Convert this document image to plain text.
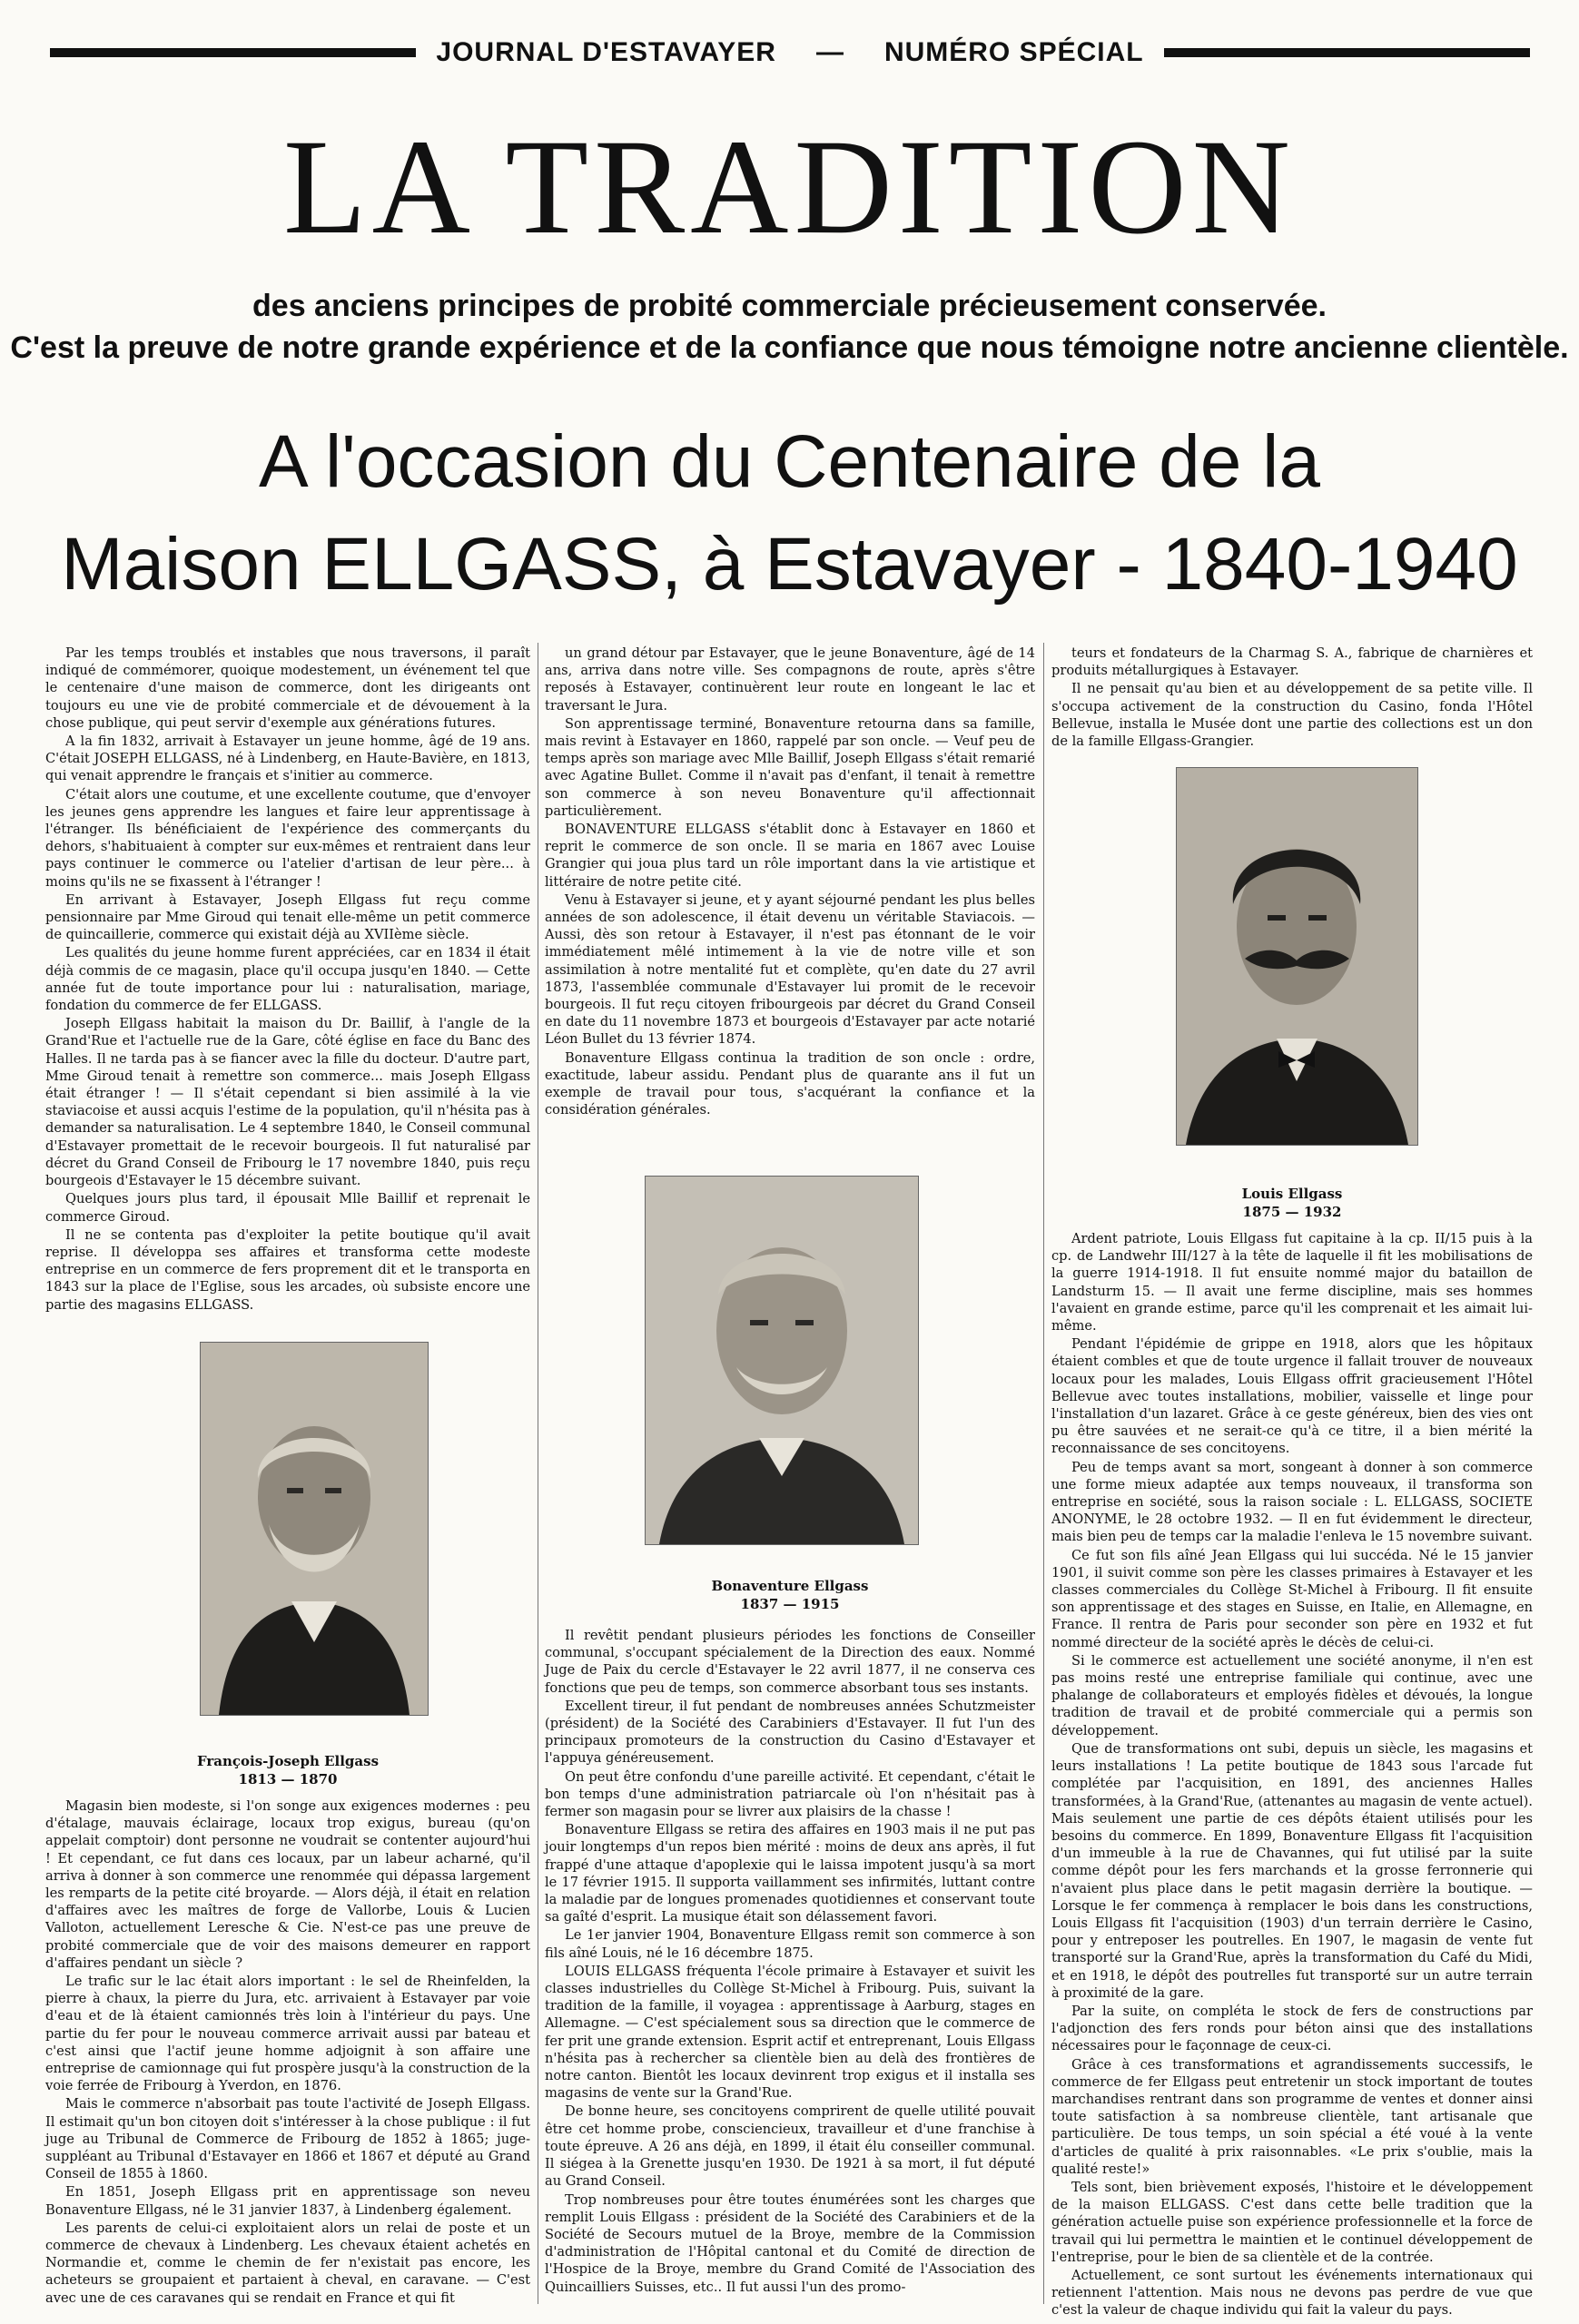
JOURNAL D'ESTAVAYER	—	NUMÉRO SPÉCIAL
LA TRADITION
des anciens principes de probité commerciale précieusement conservée.
C'est la preuve de notre grande expérience et de la confiance que nous témoigne notre ancienne clientèle.
A l'occasion du Centenaire de la
Maison ELLGASS, à Estavayer - 1840-1940

Par les temps troublés et instables que nous traversons, il paraît indiqué de commémorer, quoique modestement, un événement tel que le centenaire d'une maison de commerce, dont les dirigeants ont toujours eu une vie de probité commerciale et de dévouement à la chose publique, qui peut servir d'exemple aux générations futures.

A la fin 1832, arrivait à Estavayer un jeune homme, âgé de 19 ans. C'était JOSEPH ELLGASS, né à Lindenberg, en Haute-Bavière, en 1813, qui venait apprendre le français et s'initier au commerce.

C'était alors une coutume, et une excellente coutume, que d'envoyer les jeunes gens apprendre les langues et faire leur apprentissage à l'étranger. Ils bénéficiaient de l'expérience des commerçants du dehors, s'habituaient à compter sur eux-mêmes et rentraient dans leur pays continuer le commerce ou l'atelier d'artisan de leur père... à moins qu'ils ne se fixassent à l'étranger !

En arrivant à Estavayer, Joseph Ellgass fut reçu comme pensionnaire par Mme Giroud qui tenait elle-même un petit commerce de quincaillerie, commerce qui existait déjà au XVIIème siècle.

Les qualités du jeune homme furent appréciées, car en 1834 il était déjà commis de ce magasin, place qu'il occupa jusqu'en 1840. — Cette année fut de toute importance pour lui : naturalisation, mariage, fondation du commerce de fer ELLGASS.

Joseph Ellgass habitait la maison du Dr. Baillif, à l'angle de la Grand'Rue et l'actuelle rue de la Gare, côté église en face du Banc des Halles. Il ne tarda pas à se fiancer avec la fille du docteur. D'autre part, Mme Giroud tenait à remettre son commerce... mais Joseph Ellgass était étranger ! — Il s'était cependant si bien assimilé à la vie staviacoise et aussi acquis l'estime de la population, qu'il n'hésita pas à demander sa naturalisation. Le 4 septembre 1840, le Conseil communal d'Estavayer promettait de le recevoir bourgeois. Il fut naturalisé par décret du Grand Conseil de Fribourg le 17 novembre 1840, puis reçu bourgeois d'Estavayer le 15 décembre suivant.

Quelques jours plus tard, il épousait Mlle Baillif et reprenait le commerce Giroud.

Il ne se contenta pas d'exploiter la petite boutique qu'il avait reprise. Il développa ses affaires et transforma cette modeste entreprise en un commerce de fers proprement dit et le transporta en 1843 sur la place de l'Eglise, sous les arcades, où subsiste encore une partie des magasins ELLGASS.

François-Joseph Ellgass
1813 — 1870

Magasin bien modeste, si l'on songe aux exigences modernes : peu d'étalage, mauvais éclairage, locaux trop exigus, bureau (qu'on appelait comptoir) dont personne ne voudrait se contenter aujourd'hui ! Et cependant, ce fut dans ces locaux, par un labeur acharné, qu'il arriva à donner à son commerce une renommée qui dépassa largement les remparts de la petite cité broyarde. — Alors déjà, il était en relation d'affaires avec les maîtres de forge de Vallorbe, Louis & Lucien Valloton, actuellement Leresche & Cie. N'est-ce pas une preuve de probité commerciale que de voir des maisons demeurer en rapport d'affaires pendant un siècle ?

Le trafic sur le lac était alors important : le sel de Rheinfelden, la pierre à chaux, la pierre du Jura, etc. arrivaient à Estavayer par voie d'eau et de là étaient camionnés très loin à l'intérieur du pays. Une partie du fer pour le nouveau commerce arrivait aussi par bateau et c'est ainsi que l'actif jeune homme adjoignit à son affaire une entreprise de camionnage qui fut prospère jusqu'à la construction de la voie ferrée de Fribourg à Yverdon, en 1876.

Mais le commerce n'absorbait pas toute l'activité de Joseph Ellgass. Il estimait qu'un bon citoyen doit s'intéresser à la chose publique : il fut juge au Tribunal de Commerce de Fribourg de 1852 à 1865; juge-suppléant au Tribunal d'Estavayer en 1866 et 1867 et député au Grand Conseil de 1855 à 1860.

En 1851, Joseph Ellgass prit en apprentissage son neveu Bonaventure Ellgass, né le 31 janvier 1837, à Lindenberg également.

Les parents de celui-ci exploitaient alors un relai de poste et un commerce de chevaux à Lindenberg. Les chevaux étaient achetés en Normandie et, comme le chemin de fer n'existait pas encore, les acheteurs se groupaient et partaient à cheval, en caravane. — C'est avec une de ces caravanes qui se rendait en France et qui fit

un grand détour par Estavayer, que le jeune Bonaventure, âgé de 14 ans, arriva dans notre ville. Ses compagnons de route, après s'être reposés à Estavayer, continuèrent leur route en longeant le lac et traversant le Jura.

Son apprentissage terminé, Bonaventure retourna dans sa famille, mais revint à Estavayer en 1860, rappelé par son oncle. — Veuf peu de temps après son mariage avec Mlle Baillif, Joseph Ellgass s'était remarié avec Agatine Bullet. Comme il n'avait pas d'enfant, il tenait à remettre son commerce à son neveu Bonaventure qu'il affectionnait particulièrement.

BONAVENTURE ELLGASS s'établit donc à Estavayer en 1860 et reprit le commerce de son oncle. Il se maria en 1867 avec Louise Grangier qui joua plus tard un rôle important dans la vie artistique et littéraire de notre petite cité.

Venu à Estavayer si jeune, et y ayant séjourné pendant les plus belles années de son adolescence, il était devenu un véritable Staviacois. — Aussi, dès son retour à Estavayer, il n'est pas étonnant de le voir immédiatement mêlé intimement à la vie de notre ville et son assimilation à notre mentalité fut et complète, qu'en date du 27 avril 1873, l'assemblée communale d'Estavayer lui promit de le recevoir bourgeois. Il fut reçu citoyen fribourgeois par décret du Grand Conseil en date du 11 novembre 1873 et bourgeois d'Estavayer par acte notarié Léon Bullet du 13 février 1874.

Bonaventure Ellgass continua la tradition de son oncle : ordre, exactitude, labeur assidu. Pendant plus de quarante ans il fut un exemple de travail pour tous, s'acquérant la confiance et la considération générales.

Bonaventure Ellgass
1837 — 1915

Il revêtit pendant plusieurs périodes les fonctions de Conseiller communal, s'occupant spécialement de la Direction des eaux. Nommé Juge de Paix du cercle d'Estavayer le 22 avril 1877, il ne conserva ces fonctions que peu de temps, son commerce absorbant tous ses instants.

Excellent tireur, il fut pendant de nombreuses années Schutzmeister (président) de la Société des Carabiniers d'Estavayer. Il fut l'un des principaux promoteurs de la construction du Casino d'Estavayer et l'appuya généreusement.

On peut être confondu d'une pareille activité. Et cependant, c'était le bon temps d'une administration patriarcale où l'on n'hésitait pas à fermer son magasin pour se livrer aux plaisirs de la chasse !

Bonaventure Ellgass se retira des affaires en 1903 mais il ne put pas jouir longtemps d'un repos bien mérité : moins de deux ans après, il fut frappé d'une attaque d'apoplexie qui le laissa impotent jusqu'à sa mort le 17 février 1915. Il supporta vaillamment ses infirmités, luttant contre la maladie par de longues promenades quotidiennes et conservant toute sa gaîté d'esprit. La musique était son délassement favori.

Le 1er janvier 1904, Bonaventure Ellgass remit son commerce à son fils aîné Louis, né le 16 décembre 1875.

LOUIS ELLGASS fréquenta l'école primaire à Estavayer et suivit les classes industrielles du Collège St-Michel à Fribourg. Puis, suivant la tradition de la famille, il voyagea : apprentissage à Aarburg, stages en Allemagne. — C'est spécialement sous sa direction que le commerce de fer prit une grande extension. Esprit actif et entreprenant, Louis Ellgass n'hésita pas à rechercher sa clientèle bien au delà des frontières de notre canton. Bientôt les locaux devinrent trop exigus et il installa ses magasins de vente sur la Grand'Rue.

De bonne heure, ses concitoyens comprirent de quelle utilité pouvait être cet homme probe, consciencieux, travailleur et d'une franchise à toute épreuve. A 26 ans déjà, en 1899, il était élu conseiller communal. Il siégea à la Grenette jusqu'en 1930. De 1921 à sa mort, il fut député au Grand Conseil.

Trop nombreuses pour être toutes énumérées sont les charges que remplit Louis Ellgass : président de la Société des Carabiniers et de la Société de Secours mutuel de la Broye, membre de la Commission d'administration de l'Hôpital cantonal et du Comité de direction de l'Hospice de la Broye, membre du Grand Comité de l'Association des Quincailliers Suisses, etc.. Il fut aussi l'un des promo-

teurs et fondateurs de la Charmag S. A., fabrique de charnières et produits métallurgiques à Estavayer.

Il ne pensait qu'au bien et au développement de sa petite ville. Il s'occupa activement de la construction du Casino, fonda l'Hôtel Bellevue, installa le Musée dont une partie des collections est un don de la famille Ellgass-Grangier.

Louis Ellgass
1875 — 1932

Ardent patriote, Louis Ellgass fut capitaine à la cp. II/15 puis à la cp. de Landwehr III/127 à la tête de laquelle il fit les mobilisations de la guerre 1914-1918. Il fut ensuite nommé major du bataillon de Landsturm 15. — Il avait une ferme discipline, mais ses hommes l'avaient en grande estime, parce qu'il les comprenait et les aimait lui-même.

Pendant l'épidémie de grippe en 1918, alors que les hôpitaux étaient combles et que de toute urgence il fallait trouver de nouveaux locaux pour les malades, Louis Ellgass offrit gracieusement l'Hôtel Bellevue avec toutes installations, mobilier, vaisselle et linge pour l'installation d'un lazaret. Grâce à ce geste généreux, bien des vies ont pu être sauvées et ne serait-ce qu'à ce titre, il a bien mérité la reconnaissance de ses concitoyens.

Peu de temps avant sa mort, songeant à donner à son commerce une forme mieux adaptée aux temps nouveaux, il transforma son entreprise en société, sous la raison sociale : L. ELLGASS, SOCIETE ANONYME, le 28 octobre 1932. — Il en fut évidemment le directeur, mais bien peu de temps car la maladie l'enleva le 15 novembre suivant.

Ce fut son fils aîné Jean Ellgass qui lui succéda. Né le 15 janvier 1901, il suivit comme son père les classes primaires à Estavayer et les classes commerciales du Collège St-Michel à Fribourg. Il fit ensuite son apprentissage et des stages en Suisse, en Italie, en Allemagne, en France. Il rentra de Paris pour seconder son père en 1932 et fut nommé directeur de la société après le décès de celui-ci.

Si le commerce est actuellement une société anonyme, il n'en est pas moins resté une entreprise familiale qui continue, avec une phalange de collaborateurs et employés fidèles et dévoués, la longue tradition de travail et de probité commerciale qui a permis son développement.

Que de transformations ont subi, depuis un siècle, les magasins et leurs installations ! La petite boutique de 1843 sous l'arcade fut complétée par l'acquisition, en 1891, des anciennes Halles transformées, à la Grand'Rue, (attenantes au magasin de vente actuel). Mais seulement une partie de ces dépôts étaient utilisés pour les besoins du commerce. En 1899, Bonaventure Ellgass fit l'acquisition d'un immeuble à la rue de Chavannes, qui fut utilisé par la suite comme dépôt pour les fers marchands et la grosse ferronnerie qui n'avaient plus place dans le petit magasin derrière la boutique. — Lorsque le fer commença à remplacer le bois dans les constructions, Louis Ellgass fit l'acquisition (1903) d'un terrain derrière le Casino, pour y entreposer les poutrelles. En 1907, le magasin de vente fut transporté sur la Grand'Rue, après la transformation du Café du Midi, et en 1918, le dépôt des poutrelles fut transporté sur un autre terrain à proximité de la gare.

Par la suite, on compléta le stock de fers de constructions par l'adjonction des fers ronds pour béton ainsi que des installations nécessaires pour le façonnage de ceux-ci.

Grâce à ces transformations et agrandissements successifs, le commerce de fer Ellgass peut entretenir un stock important de toutes marchandises rentrant dans son programme de ventes et donner ainsi toute satisfaction à sa nombreuse clientèle, tant artisanale que particulière. De tous temps, un soin spécial a été voué à la vente d'articles de qualité à prix raisonnables. «Le prix s'oublie, mais la qualité reste!»

Tels sont, bien brièvement exposés, l'histoire et le développement de la maison ELLGASS. C'est dans cette belle tradition que la génération actuelle puise son expérience professionnelle et la force de travail qui lui permettra le maintien et le continuel développement de l'entreprise, pour le bien de sa clientèle et de la contrée.

Actuellement, ce sont surtout les événements internationaux qui retiennent l'attention. Mais nous ne devons pas perdre de vue que c'est la valeur de chaque individu qui fait la valeur du pays.
